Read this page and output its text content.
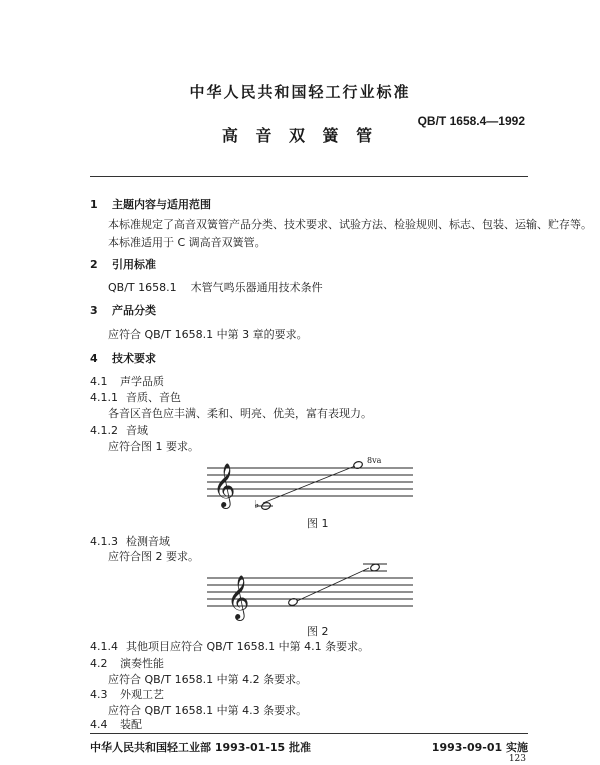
中华人民共和国轻工行业标准
QB/T 1658.4—1992
高 音 双 簧 管
1 主题内容与适用范围
本标准规定了高音双簧管产品分类、技术要求、试验方法、检验规则、标志、包装、运输、贮存等。
本标准适用于 C 调高音双簧管。
2 引用标准
QB/T 1658.1 木管气鸣乐器通用技术条件
3 产品分类
应符合 QB/T 1658.1 中第 3 章的要求。
4 技术要求
4.1 声学品质
4.1.1 音质、音色
各音区音色应丰满、柔和、明亮、优美，富有表现力。
4.1.2 音域
应符合图 1 要求。
𝄞 ♭
8va
图 1
4.1.3 检测音域
应符合图 2 要求。
𝄞
图 2
4.1.4 其他项目应符合 QB/T 1658.1 中第 4.1 条要求。
4.2 演奏性能
应符合 QB/T 1658.1 中第 4.2 条要求。
4.3 外观工艺
应符合 QB/T 1658.1 中第 4.3 条要求。
4.4 装配
中华人民共和国轻工业部 1993-01-15 批准	1993-09-01 实施
123
